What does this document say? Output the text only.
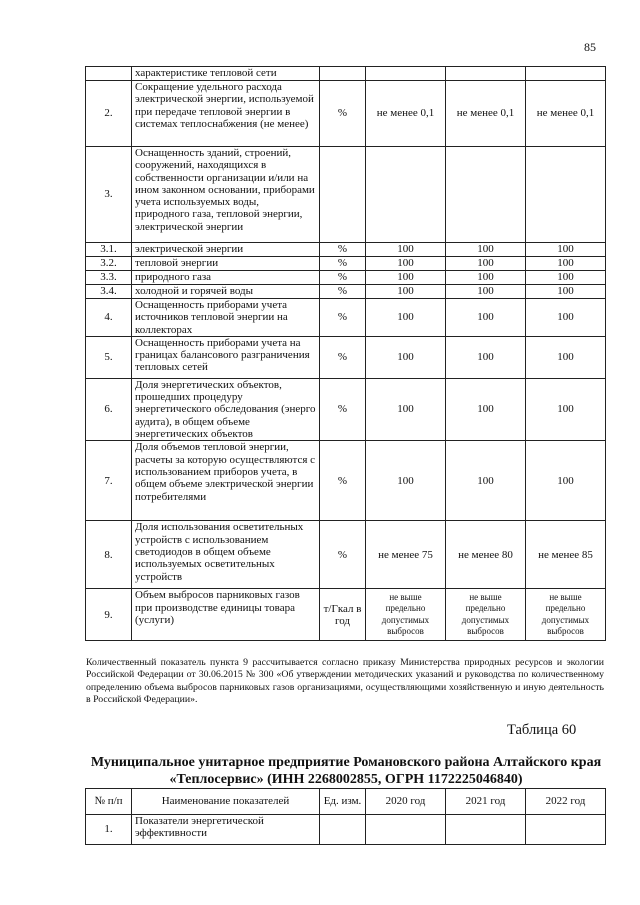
85
	характеристике тепловой сети				
2.	Сокращение удельного расхода электрической энергии, используемой при передаче тепловой энергии в системах теплоснабжения (не менее)	%	не менее 0,1	не менее 0,1	не менее 0,1
3.	Оснащенность зданий, строений, сооружений, находящихся в собственности организации и/или на ином законном основании, приборами учета используемых воды, природного газа, тепловой энергии, электрической энергии				
3.1.	электрической энергии	%	100	100	100
3.2.	тепловой энергии	%	100	100	100
3.3.	природного газа	%	100	100	100
3.4.	холодной и горячей воды	%	100	100	100
4.	Оснащенность приборами учета источников тепловой энергии на коллекторах	%	100	100	100
5.	Оснащенность приборами учета на границах балансового разграничения тепловых сетей	%	100	100	100
6.	Доля энергетических объектов, прошедших процедуру энергетического обследования (энерго аудита), в общем объеме энергетических объектов	%	100	100	100
7.	Доля объемов тепловой энергии, расчеты за которую осуществляются с использованием приборов учета, в общем объеме электрической энергии потребителями	%	100	100	100
8.	Доля использования осветительных устройств с использованием светодиодов в общем объеме используемых осветительных устройств	%	не менее 75	не менее 80	не менее 85
9.	Объем выбросов парниковых газов при производстве единицы товара (услуги)	т/Гкал в год	не выше предельно допустимых выбросов	не выше предельно допустимых выбросов	не выше предельно допустимых выбросов
Количественный показатель пункта 9 рассчитывается согласно приказу Министерства природных ресурсов и экологии Российской Федерации от 30.06.2015 № 300 «Об утверждении методических указаний и руководства по количественному определению объема выбросов парниковых газов организациями, осуществляющими хозяйственную и иную деятельность в Российской Федерации».
Таблица 60
Муниципальное унитарное предприятие Романовского района Алтайского края «Теплосервис» (ИНН 2268002855, ОГРН 1172225046840)
№ п/п	Наименование показателей	Ед. изм.	2020 год	2021 год	2022 год
1.	Показатели энергетической эффективности				
